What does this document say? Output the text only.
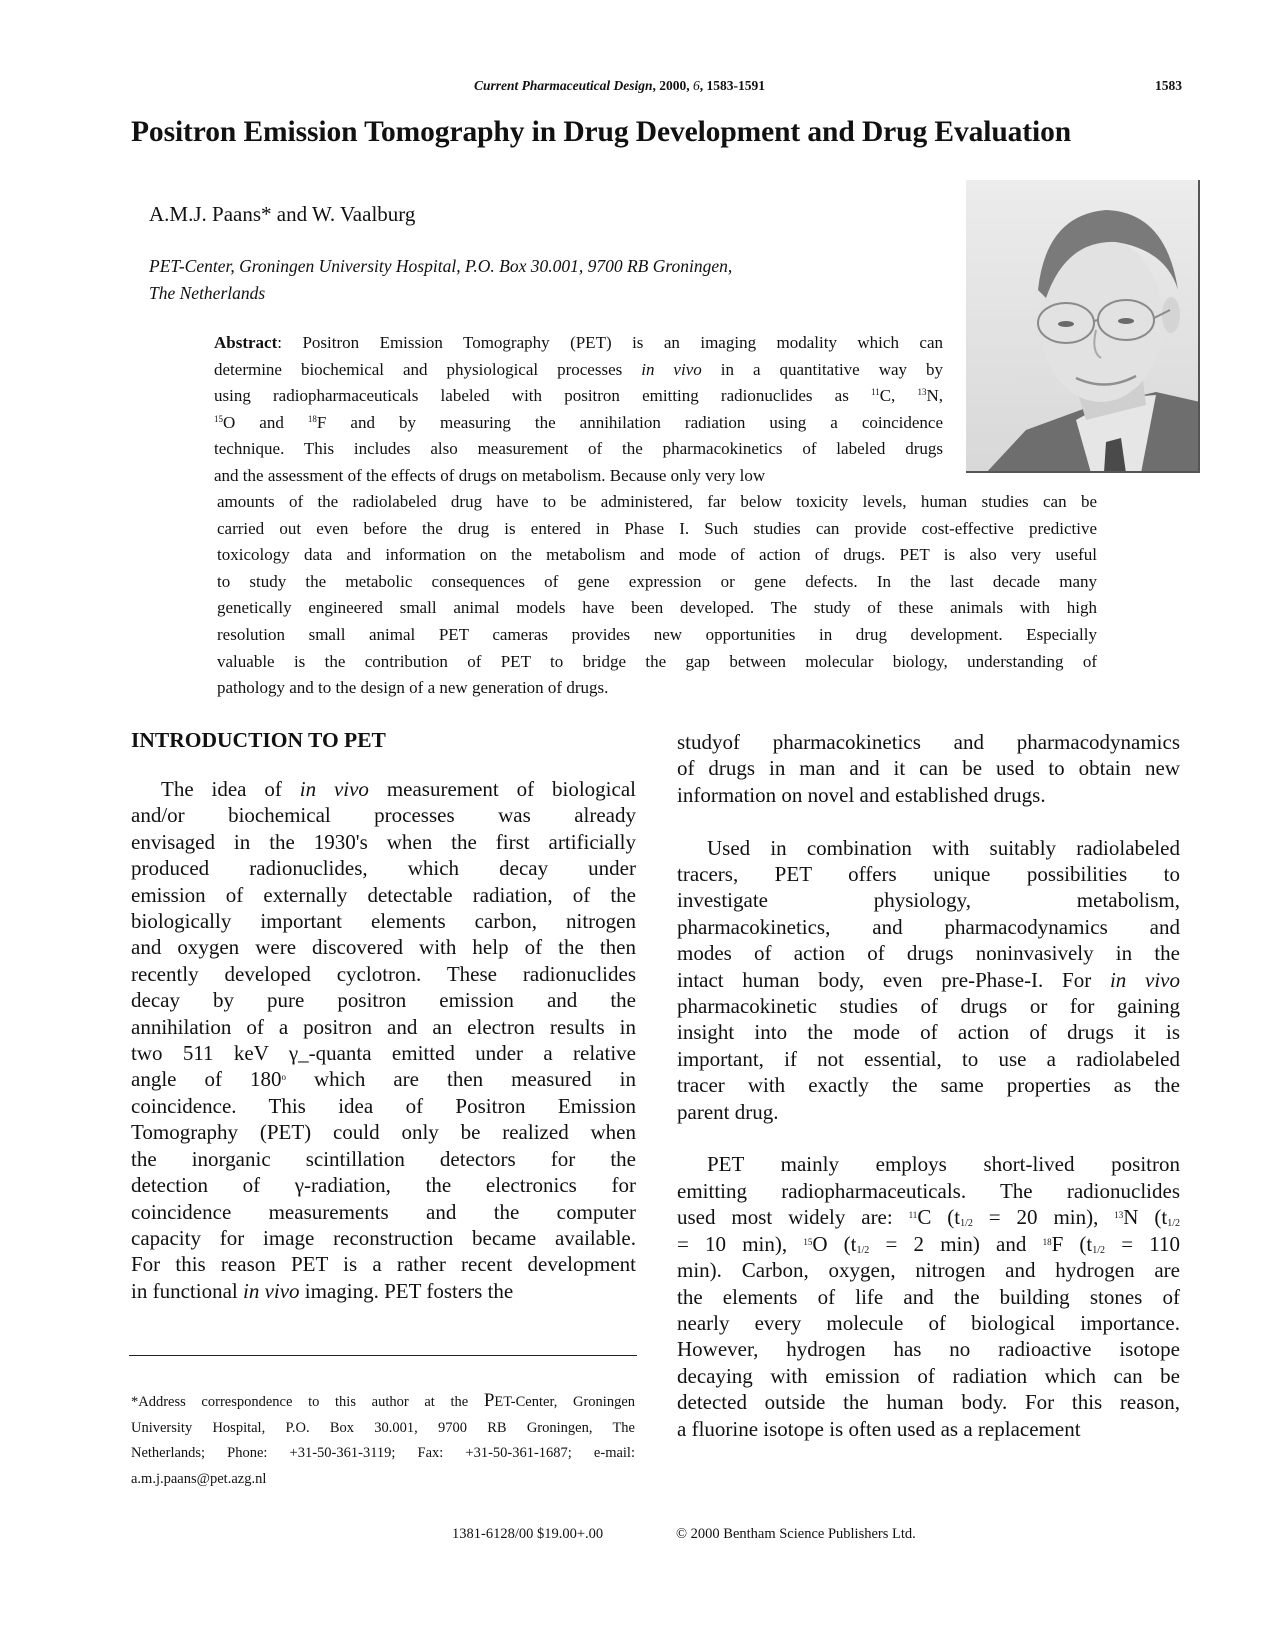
Current Pharmaceutical Design, 2000, 6, 1583-1591	1583
Positron Emission Tomography in Drug Development and Drug Evaluation
A.M.J. Paans* and W. Vaalburg
PET-Center, Groningen University Hospital, P.O. Box 30.001, 9700 RB Groningen,
The Netherlands
Abstract: Positron Emission Tomography (PET) is an imaging modality which can
determine biochemical and physiological processes in vivo in a quantitative way by
using radiopharmaceuticals labeled with positron emitting radionuclides as $^{11}$C, $^{13}$N,
$^{15}$O and $^{18}$F and by measuring the annihilation radiation using a coincidence
technique. This includes also measurement of the pharmacokinetics of labeled drugs
and the assessment of the effects of drugs on metabolism. Because only very low
amounts of the radiolabeled drug have to be administered, far below toxicity levels, human studies can be
carried out even before the drug is entered in Phase I. Such studies can provide cost-effective predictive
toxicology data and information on the metabolism and mode of action of drugs. PET is also very useful
to study the metabolic consequences of gene expression or gene defects. In the last decade many
genetically engineered small animal models have been developed. The study of these animals with high
resolution small animal PET cameras provides new opportunities in drug development. Especially
valuable is the contribution of PET to bridge the gap between molecular biology, understanding of
pathology and to the design of a new generation of drugs.
INTRODUCTION TO PET
The idea of in vivo measurement of biological
and/or biochemical processes was already
envisaged in the 1930's when the first artificially
produced radionuclides, which decay under
emission of externally detectable radiation, of the
biologically important elements carbon, nitrogen
and oxygen were discovered with help of the then
recently developed cyclotron. These radionuclides
decay by pure positron emission and the
annihilation of a positron and an electron results in
two 511 keV γ_-quanta emitted under a relative
angle of 180$^o$ which are then measured in
coincidence. This idea of Positron Emission
Tomography (PET) could only be realized when
the inorganic scintillation detectors for the
detection of γ-radiation, the electronics for
coincidence measurements and the computer
capacity for image reconstruction became available.
For this reason PET is a rather recent development
in functional in vivo imaging. PET fosters the
studyof pharmacokinetics and pharmacodynamics
of drugs in man and it can be used to obtain new
information on novel and established drugs.
Used in combination with suitably radiolabeled
tracers, PET offers unique possibilities to
investigate physiology, metabolism,
pharmacokinetics, and pharmacodynamics and
modes of action of drugs noninvasively in the
intact human body, even pre-Phase-I. For in vivo
pharmacokinetic studies of drugs or for gaining
insight into the mode of action of drugs it is
important, if not essential, to use a radiolabeled
tracer with exactly the same properties as the
parent drug.
PET mainly employs short-lived positron
emitting radiopharmaceuticals. The radionuclides
used most widely are: $^{11}$C ($t_{1/2} = 20$ min), $^{13}$N ($t_{1/2}$
= 10 min), $^{15}$O ($t_{1/2} = 2$ min) and $^{18}$F ($t_{1/2} = 110$
min). Carbon, oxygen, nitrogen and hydrogen are
the elements of life and the building stones of
nearly every molecule of biological importance.
However, hydrogen has no radioactive isotope
decaying with emission of radiation which can be
detected outside the human body. For this reason,
a fluorine isotope is often used as a replacement
*Address correspondence to this author at the PET-Center, Groningen
University Hospital, P.O. Box 30.001, 9700 RB Groningen, The
Netherlands; Phone: +31-50-361-3119; Fax: +31-50-361-1687; e-mail:
a.m.j.paans@pet.azg.nl
1381-6128/00 $19.00+.00	© 2000 Bentham Science Publishers Ltd.
